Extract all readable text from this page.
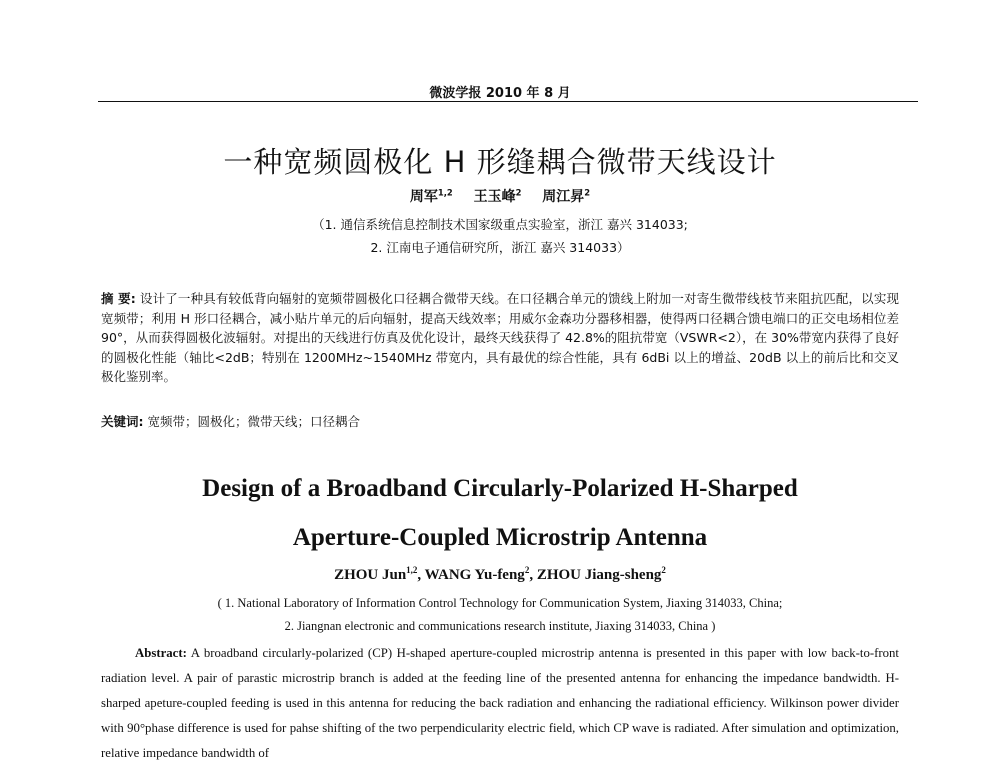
微波学报 2010 年 8 月
一种宽频圆极化 H 形缝耦合微带天线设计
周军$^{1,2}$ 王玉峰$^2$ 周江昇$^2$
（1. 通信系统信息控制技术国家级重点实验室，浙江 嘉兴 314033;
2. 江南电子通信研究所，浙江 嘉兴 314033）
摘 要: 设计了一种具有较低背向辐射的宽频带圆极化口径耦合微带天线。在口径耦合单元的馈线上附加一对寄生微带线枝节来阻抗匹配，以实现宽频带；利用 H 形口径耦合，减小贴片单元的后向辐射，提高天线效率；用威尔金森功分器移相器，使得两口径耦合馈电端口的正交电场相位差 90°，从而获得圆极化波辐射。对提出的天线进行仿真及优化设计，最终天线获得了 42.8%的阻抗带宽（VSWR<2），在 30%带宽内获得了良好的圆极化性能（轴比<2dB；特别在 1200MHz~1540MHz 带宽内，具有最优的综合性能，具有 6dBi 以上的增益、20dB 以上的前后比和交叉极化鉴别率。
关键词: 宽频带；圆极化；微带天线；口径耦合
Design of a Broadband Circularly-Polarized H-Sharped
Aperture-Coupled Microstrip Antenna
ZHOU Jun$^{1,2}$, WANG Yu-feng$^2$, ZHOU Jiang-sheng$^2$
( 1. National Laboratory of Information Control Technology for Communication System, Jiaxing 314033, China;
2. Jiangnan electronic and communications research institute, Jiaxing 314033, China )
Abstract: A broadband circularly-polarized (CP) H-shaped aperture-coupled microstrip antenna is presented in this paper with low back-to-front radiation level. A pair of parastic microstrip branch is added at the feeding line of the presented antenna for enhancing the impedance bandwidth. H-sharped apeture-coupled feeding is used in this antenna for reducing the back radiation and enhancing the radiational efficiency. Wilkinson power divider with 90°phase difference is used for pahse shifting of the two perpendicularity electric field, which CP wave is radiated. After simulation and optimization, relative impedance bandwidth of
